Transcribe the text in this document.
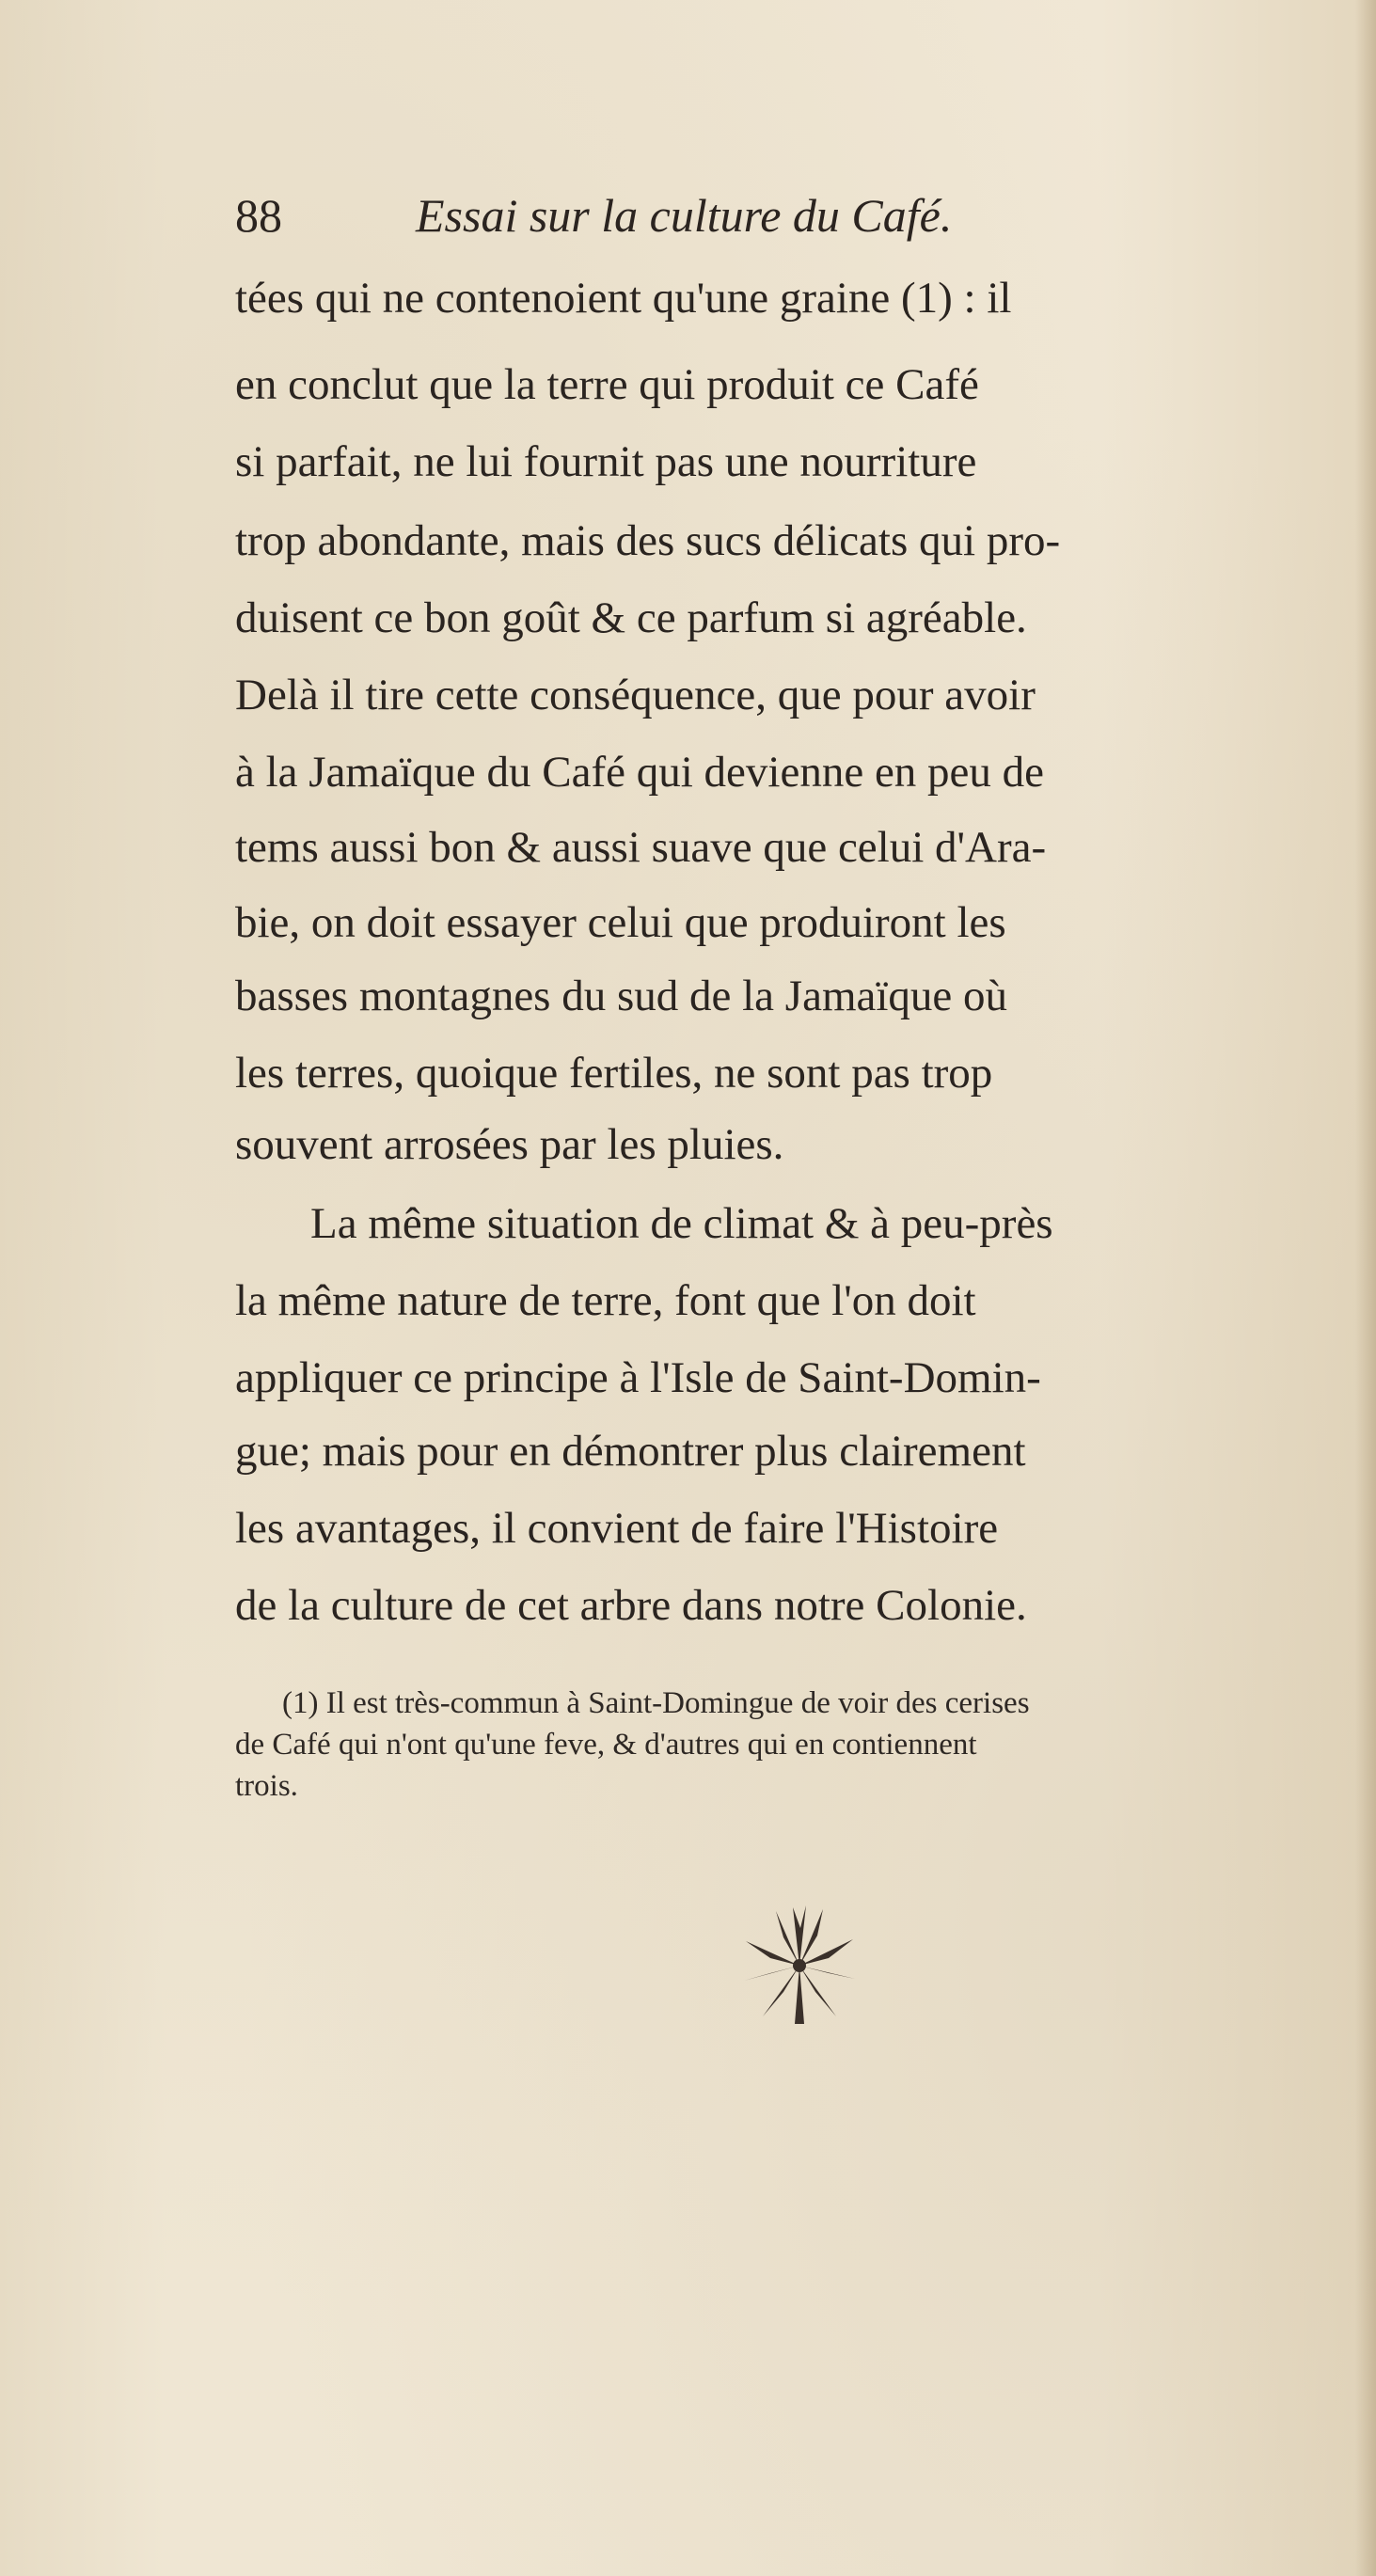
88	Essai sur la culture du Café.
tées qui ne contenoient qu'une graine (1) : il
en conclut que la terre qui produit ce Café
si parfait, ne lui fournit pas une nourriture
trop abondante, mais des sucs délicats qui pro-
duisent ce bon goût & ce parfum si agréable.
Delà il tire cette conséquence, que pour avoir
à la Jamaïque du Café qui devienne en peu de
tems aussi bon & aussi suave que celui d'Ara-
bie, on doit essayer celui que produiront les
basses montagnes du sud de la Jamaïque où
les terres, quoique fertiles, ne sont pas trop
souvent arrosées par les pluies.
La même situation de climat & à peu-près
la même nature de terre, font que l'on doit
appliquer ce principe à l'Isle de Saint-Domin-
gue; mais pour en démontrer plus clairement
les avantages, il convient de faire l'Histoire
de la culture de cet arbre dans notre Colonie.
(1) Il est très-commun à Saint-Domingue de voir des cerises
de Café qui n'ont qu'une feve, & d'autres qui en contiennent
trois.
